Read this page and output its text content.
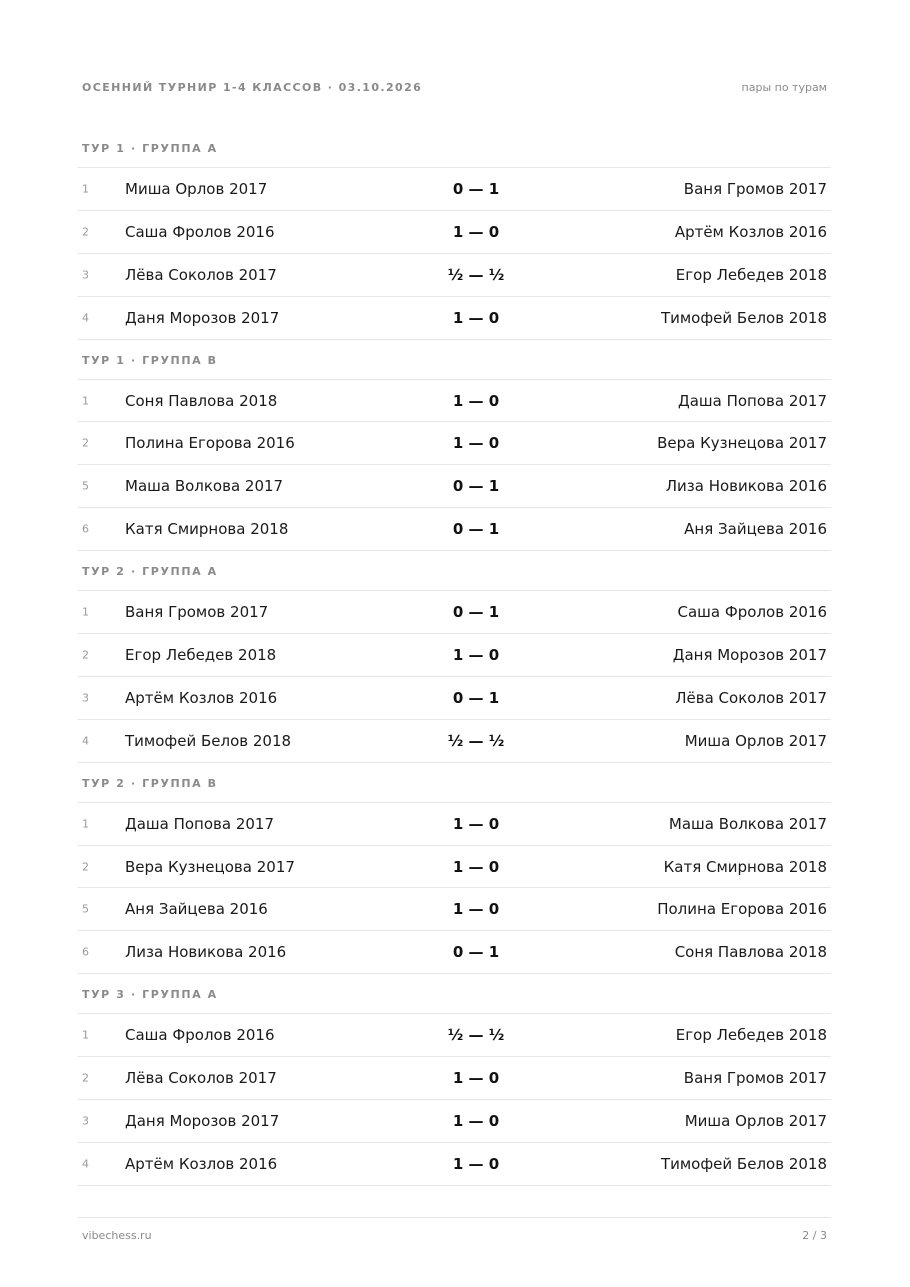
ОСЕННИЙ ТУРНИР 1-4 КЛАССОВ · 03.10.2026	пары по турам
ТУР 1 · ГРУППА A
1 Миша Орлов 2017	0 — 1	Ваня Громов 2017
2 Саша Фролов 2016	1 — 0	Артём Козлов 2016
3 Лёва Соколов 2017	½ — ½	Егор Лебедев 2018
4 Даня Морозов 2017	1 — 0	Тимофей Белов 2018
ТУР 1 · ГРУППА B
1 Соня Павлова 2018	1 — 0	Даша Попова 2017
2 Полина Егорова 2016	1 — 0	Вера Кузнецова 2017
5 Маша Волкова 2017	0 — 1	Лиза Новикова 2016
6 Катя Смирнова 2018	0 — 1	Аня Зайцева 2016
ТУР 2 · ГРУППА A
1 Ваня Громов 2017	0 — 1	Саша Фролов 2016
2 Егор Лебедев 2018	1 — 0	Даня Морозов 2017
3 Артём Козлов 2016	0 — 1	Лёва Соколов 2017
4 Тимофей Белов 2018	½ — ½	Миша Орлов 2017
ТУР 2 · ГРУППА B
1 Даша Попова 2017	1 — 0	Маша Волкова 2017
2 Вера Кузнецова 2017	1 — 0	Катя Смирнова 2018
5 Аня Зайцева 2016	1 — 0	Полина Егорова 2016
6 Лиза Новикова 2016	0 — 1	Соня Павлова 2018
ТУР 3 · ГРУППА A
1 Саша Фролов 2016	½ — ½	Егор Лебедев 2018
2 Лёва Соколов 2017	1 — 0	Ваня Громов 2017
3 Даня Морозов 2017	1 — 0	Миша Орлов 2017
4 Артём Козлов 2016	1 — 0	Тимофей Белов 2018
vibechess.ru	2 / 3
